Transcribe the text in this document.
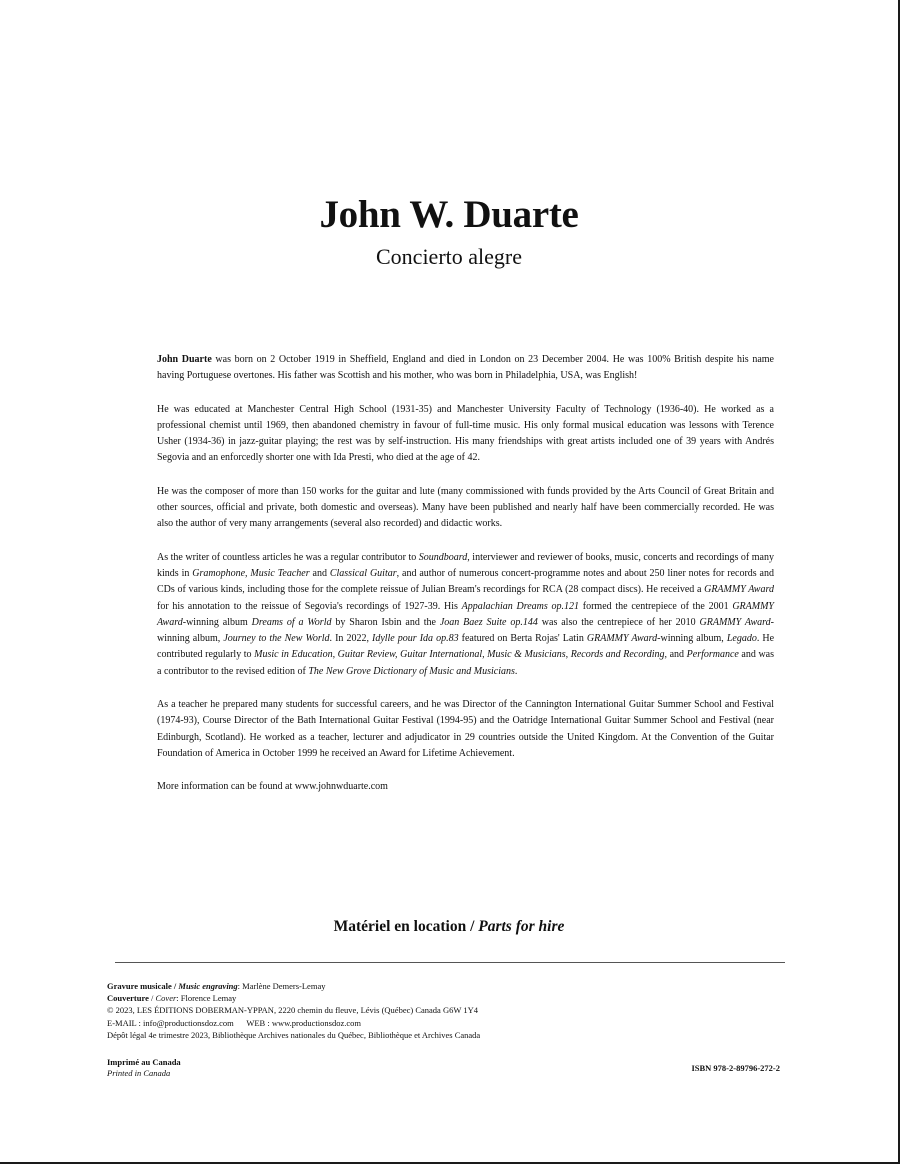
John W. Duarte
Concierto alegre

John Duarte was born on 2 October 1919 in Sheffield, England and died in London on 23 December 2004. He was 100% British despite his name having Portuguese overtones. His father was Scottish and his mother, who was born in Philadelphia, USA, was English!

He was educated at Manchester Central High School (1931-35) and Manchester University Faculty of Technology (1936-40). He worked as a professional chemist until 1969, then abandoned chemistry in favour of full-time music. His only formal musical education was lessons with Terence Usher (1934-36) in jazz-guitar playing; the rest was by self-instruction. His many friendships with great artists included one of 39 years with Andrés Segovia and an enforcedly shorter one with Ida Presti, who died at the age of 42.

He was the composer of more than 150 works for the guitar and lute (many commissioned with funds provided by the Arts Council of Great Britain and other sources, official and private, both domestic and overseas). Many have been published and nearly half have been commercially recorded. He was also the author of very many arrangements (several also recorded) and didactic works.

As the writer of countless articles he was a regular contributor to Soundboard, interviewer and reviewer of books, music, concerts and recordings of many kinds in Gramophone, Music Teacher and Classical Guitar, and author of numerous concert-programme notes and about 250 liner notes for records and CDs of various kinds, including those for the complete reissue of Julian Bream's recordings for RCA (28 compact discs). He received a GRAMMY Award for his annotation to the reissue of Segovia's recordings of 1927-39. His Appalachian Dreams op.121 formed the centrepiece of the 2001 GRAMMY Award-winning album Dreams of a World by Sharon Isbin and the Joan Baez Suite op.144 was also the centrepiece of her 2010 GRAMMY Award-winning album, Journey to the New World. In 2022, Idylle pour Ida op.83 featured on Berta Rojas' Latin GRAMMY Award-winning album, Legado. He contributed regularly to Music in Education, Guitar Review, Guitar International, Music & Musicians, Records and Recording, and Performance and was a contributor to the revised edition of The New Grove Dictionary of Music and Musicians.

As a teacher he prepared many students for successful careers, and he was Director of the Cannington International Guitar Summer School and Festival (1974-93), Course Director of the Bath International Guitar Festival (1994-95) and the Oatridge International Guitar Summer School and Festival (near Edinburgh, Scotland). He worked as a teacher, lecturer and adjudicator in 29 countries outside the United Kingdom. At the Convention of the Guitar Foundation of America in October 1999 he received an Award for Lifetime Achievement.

More information can be found at www.johnwduarte.com

Matériel en location / Parts for hire
Gravure musicale / Music engraving: Marlène Demers-Lemay
Couverture / Cover: Florence Lemay
© 2023, LES ÉDITIONS DOBERMAN-YPPAN, 2220 chemin du fleuve, Lévis (Québec) Canada G6W 1Y4
E-MAIL : info@productionsdoz.com      WEB : www.productionsdoz.com
Dépôt légal 4e trimestre 2023, Bibliothèque Archives nationales du Québec, Bibliothèque et Archives Canada
Imprimé au Canada
Printed in Canada	ISBN 978-2-89796-272-2
